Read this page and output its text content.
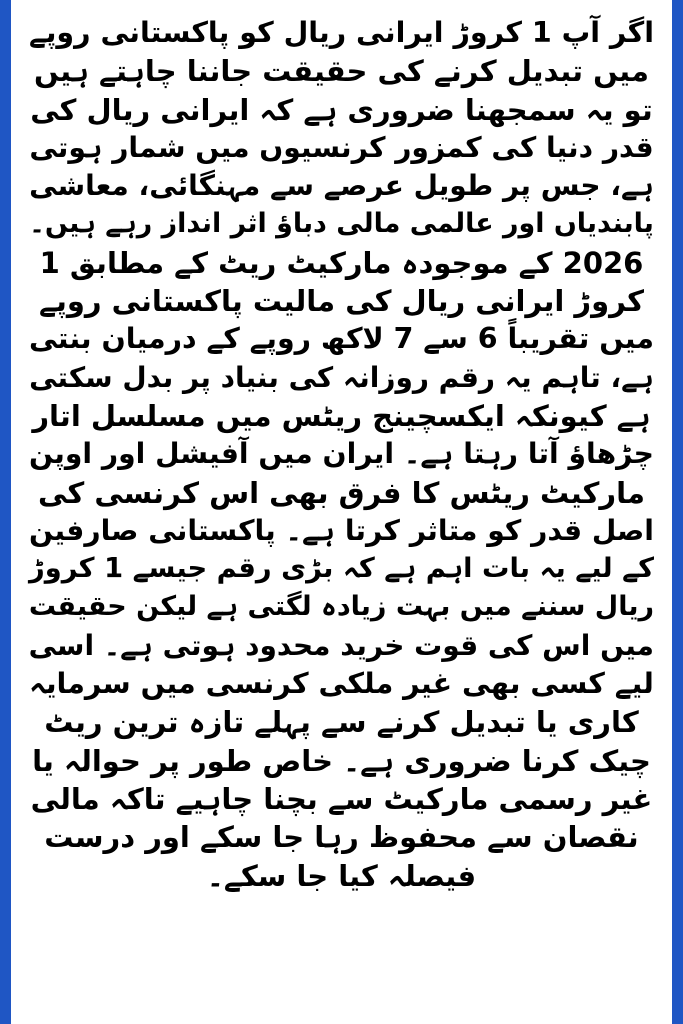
اگر آپ 1 کروڑ ایرانی ریال کو پاکستانی روپے
میں تبدیل کرنے کی حقیقت جاننا چاہتے ہیں
تو یہ سمجھنا ضروری ہے کہ ایرانی ریال کی
قدر دنیا کی کمزور کرنسیوں میں شمار ہوتی
ہے، جس پر طویل عرصے سے مہنگائی، معاشی
پابندیاں اور عالمی مالی دباؤ اثر انداز رہے ہیں۔
2026 کے موجودہ مارکیٹ ریٹ کے مطابق 1
کروڑ ایرانی ریال کی مالیت پاکستانی روپے
میں تقریباً 6 سے 7 لاکھ روپے کے درمیان بنتی
ہے، تاہم یہ رقم روزانہ کی بنیاد پر بدل سکتی
ہے کیونکہ ایکسچینج ریٹس میں مسلسل اتار
چڑھاؤ آتا رہتا ہے۔ ایران میں آفیشل اور اوپن
مارکیٹ ریٹس کا فرق بھی اس کرنسی کی
اصل قدر کو متاثر کرتا ہے۔ پاکستانی صارفین
کے لیے یہ بات اہم ہے کہ بڑی رقم جیسے 1 کروڑ
ریال سننے میں بہت زیادہ لگتی ہے لیکن حقیقت
میں اس کی قوت خرید محدود ہوتی ہے۔ اسی
لیے کسی بھی غیر ملکی کرنسی میں سرمایہ
کاری یا تبدیل کرنے سے پہلے تازہ ترین ریٹ
چیک کرنا ضروری ہے۔ خاص طور پر حوالہ یا
غیر رسمی مارکیٹ سے بچنا چاہیے تاکہ مالی
نقصان سے محفوظ رہا جا سکے اور درست
فیصلہ کیا جا سکے۔
